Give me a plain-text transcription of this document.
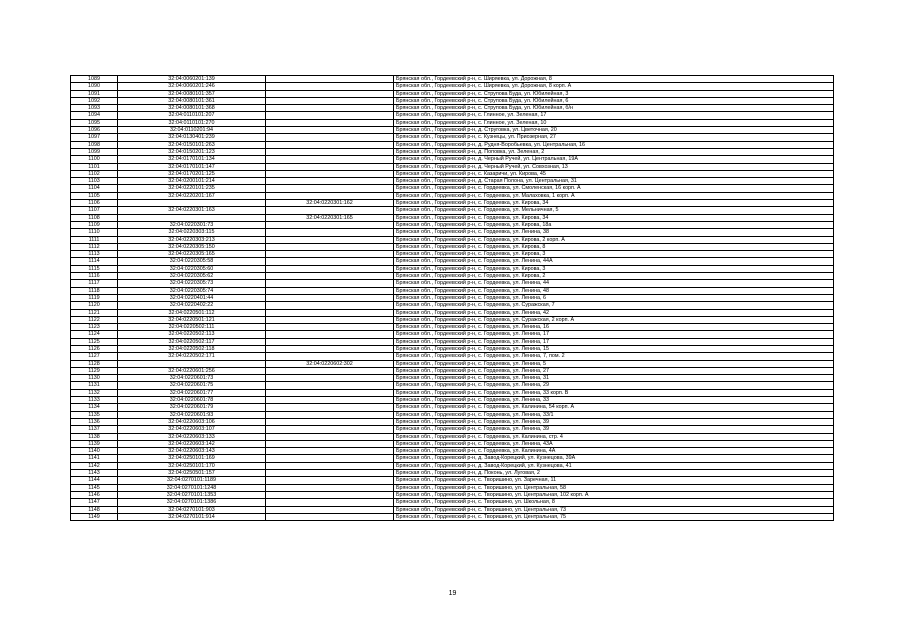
1089	32:04:0060201:139		Брянская обл., Гордеевский р-н, с. Ширяевка, ул. Дорожная, 8
1090	32:04:0060201:246		Брянская обл., Гордеевский р-н, с. Ширяевка, ул. Дорожная, 8 корп. А
1091	32:04:0080101:357		Брянская обл., Гордеевский р-н, с. Струпова Буда, ул. Юбилейная, 3
1092	32:04:0080101:361		Брянская обл., Гордеевский р-н, с. Струпова Буда, ул. Юбилейная, 6
1093	32:04:0080101:368		Брянская обл., Гордеевский р-н, с. Струпова Буда, ул. Юбилейная, б/н
1094	32:04:0110101:207		Брянская обл., Гордеевский р-н, с. Глинное, ул. Зеленая, 17
1095	32:04:0110101:270		Брянская обл., Гордеевский р-н, с. Глинное, ул. Зеленая, 10
1096	32:04:0110201:94		Брянская обл., Гордеевский р-н, д. Струговка, ул. Цветочная, 20
1097	32:04:0130401:239		Брянская обл., Гордеевский р-н, с. Кузнецы, ул. Приозерная, 27
1098	32:04:0150101:263		Брянская обл., Гордеевский р-н, д. Рудня-Воробьевка, ул. Центральная, 16
1099	32:04:0150201:123		Брянская обл., Гордеевский р-н, д. Поповка, ул. Зеленая, 2
1100	32:04:0170101:134		Брянская обл., Гордеевский р-н, д. Черный Ручей, ул. Центральная, 19А
1101	32:04:0170101:147		Брянская обл., Гордеевский р-н, д. Черный Ручей, ул. Совхозная, 13
1102	32:04:0170201:125		Брянская обл., Гордеевский р-н, с. Казаричи, ул. Кирова, 45
1103	32:04:0200101:214		Брянская обл., Гордеевский р-н, д. Старая Полона, ул. Центральная, 31
1104	32:04:0220101:235		Брянская обл., Гордеевский р-н, с. Гордеевка, ул. Смоленская, 16 корп. А
1105	32:04:0220201:167		Брянская обл., Гордеевский р-н, с. Гордеевка, ул. Малаховка, 1 корп. А
1106		32:04:0220301:162	Брянская обл., Гордеевский р-н, с. Гордеевка, ул. Кирова, 34
1107	32:04:0220301:163		Брянская обл., Гордеевский р-н, с. Гордеевка, ул. Мельничная, 5
1108		32:04:0220301:165	Брянская обл., Гордеевский р-н, с. Гордеевка, ул. Кирова, 34
1109	32:04:0220301:73		Брянская обл., Гордеевский р-н, с. Гордеевка, ул. Кирова, 18а
1110	32:04:0220303:115		Брянская обл., Гордеевский р-н, с. Гордеевка, ул. Ленина, 38
1111	32:04:0220303:213		Брянская обл., Гордеевский р-н, с. Гордеевка, ул. Кирова, 2 корп. А
1112	32:04:0220305:150		Брянская обл., Гордеевский р-н, с. Гордеевка, ул. Кирова, 8
1113	32:04:0220305:165		Брянская обл., Гордеевский р-н, с. Гордеевка, ул. Кирова, 3
1114	32:04:0220305:58		Брянская обл., Гордеевский р-н, с. Гордеевка, ул. Ленина, 44А
1115	32:04:0220305:60		Брянская обл., Гордеевский р-н, с. Гордеевка, ул. Кирова, 3
1116	32:04:0220305:62		Брянская обл., Гордеевский р-н, с. Гордеевка, ул. Кирова, 2
1117	32:04:0220305:73		Брянская обл., Гордеевский р-н, с. Гордеевка, ул. Ленина, 44
1118	32:04:0220305:74		Брянская обл., Гордеевский р-н, с. Гордеевка, ул. Ленина, 48
1119	32:04:0220401:44		Брянская обл., Гордеевский р-н, с. Гордеевка, ул. Ленина, 6
1120	32:04:0220402:22		Брянская обл., Гордеевский р-н, с. Гордеевка, ул. Суражская, 7
1121	32:04:0220501:112		Брянская обл., Гордеевский р-н, с. Гордеевка, ул. Ленина, 42
1122	32:04:0220501:121		Брянская обл., Гордеевский р-н, с. Гордеевка, ул. Суражская, 2 корп. А
1123	32:04:0220502:111		Брянская обл., Гордеевский р-н, с. Гордеевка, ул. Ленина, 16
1124	32:04:0220502:113		Брянская обл., Гордеевский р-н, с. Гордеевка, ул. Ленина, 17
1125	32:04:0220502:117		Брянская обл., Гордеевский р-н, с. Гордеевка, ул. Ленина, 17
1126	32:04:0220502:118		Брянская обл., Гордеевский р-н, с. Гордеевка, ул. Ленина, 15
1127	32:04:0220502:171		Брянская обл., Гордеевский р-н, с. Гордеевка, ул. Ленина, 7, пом. 2
1128		32:04:0220602:302	Брянская обл., Гордеевский р-н, с. Гордеевка, ул. Ленина, 5
1129	32:04:0220601:256		Брянская обл., Гордеевский р-н, с. Гордеевка, ул. Ленина, 27
1130	32:04:0220601:73		Брянская обл., Гордеевский р-н, с. Гордеевка, ул. Ленина, 31
1131	32:04:0220601:75		Брянская обл., Гордеевский р-н, с. Гордеевка, ул. Ленина, 29
1132	32:04:0220601:77		Брянская обл., Гордеевский р-н, с. Гордеевка, ул. Ленина, 33 корп. В
1133	32:04:0220601:78		Брянская обл., Гордеевский р-н, с. Гордеевка, ул. Ленина, 33
1134	32:04:0220601:79		Брянская обл., Гордеевский р-н, с. Гордеевка, ул. Калинина, 54 корп. А
1135	32:04:0220601:93		Брянская обл., Гордеевский р-н, с. Гордеевка, ул. Ленина, 33/1
1136	32:04:0220603:106		Брянская обл., Гордеевский р-н, с. Гордеевка, ул. Ленина, 39
1137	32:04:0220603:107		Брянская обл., Гордеевский р-н, с. Гордеевка, ул. Ленина, 39
1138	32:04:0220603:133		Брянская обл., Гордеевский р-н, с. Гордеевка, ул. Калинина, стр. 4
1139	32:04:0220603:142		Брянская обл., Гордеевский р-н, с. Гордеевка, ул. Ленина, 43А
1140	32:04:0220603:143		Брянская обл., Гордеевский р-н, с. Гордеевка, ул. Калинина, 4А
1141	32:04:0250101:169		Брянская обл., Гордеевский р-н, д. Завод-Корецкий, ул. Кузнецова, 39А
1142	32:04:0250101:170		Брянская обл., Гордеевский р-н, д. Завод-Корецкий, ул. Кузнецова, 41
1143	32:04:0250501:157		Брянская обл., Гордеевский р-н, д. Поконь, ул. Луговая, 2
1144	32:04:0270101:1189		Брянская обл., Гордеевский р-н, с. Творишино, ул. Заречная, 11
1145	32:04:0270101:1248		Брянская обл., Гордеевский р-н, с. Творишино, ул. Центральная, 58
1146	32:04:0270101:1353		Брянская обл., Гордеевский р-н, с. Творишино, ул. Центральная, 102 корп. А
1147	32:04:0270101:1386		Брянская обл., Гордеевский р-н, с. Творишино, ул. Школьная, 8
1148	32:04:0270101:903		Брянская обл., Гордеевский р-н, с. Творишино, ул. Центральная, 73
1149	32:04:0270101:914		Брянская обл., Гордеевский р-н, с. Творишино, ул. Центральная, 75
19
